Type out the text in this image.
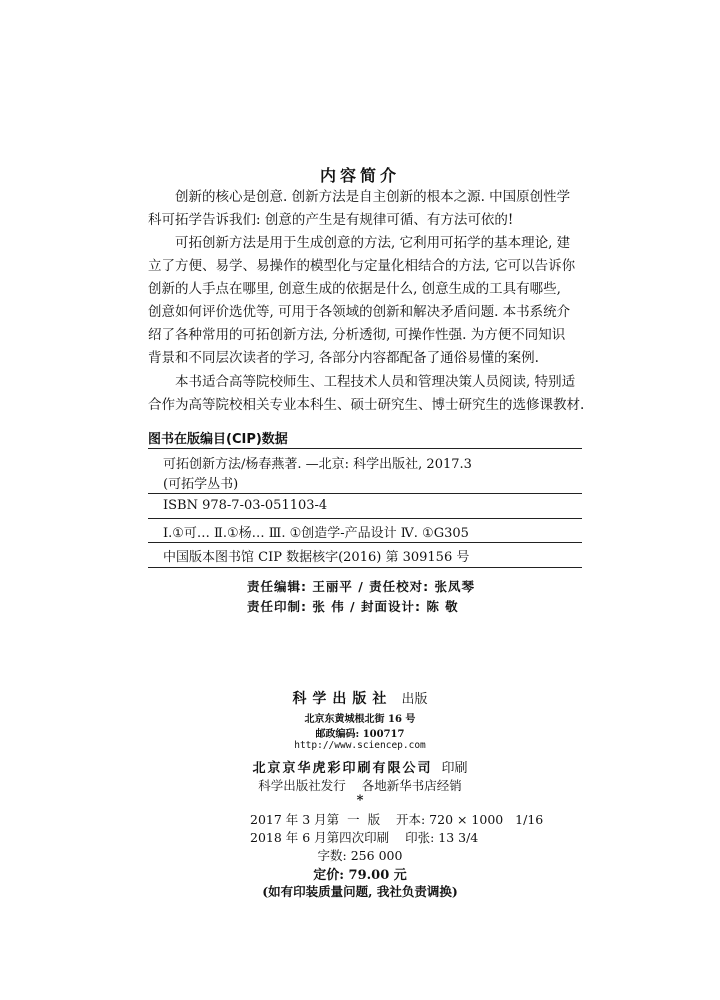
内容简介
创新的核心是创意. 创新方法是自主创新的根本之源. 中国原创性学
科可拓学告诉我们: 创意的产生是有规律可循、有方法可依的!
可拓创新方法是用于生成创意的方法, 它利用可拓学的基本理论, 建
立了方便、易学、易操作的模型化与定量化相结合的方法, 它可以告诉你
创新的人手点在哪里, 创意生成的依据是什么, 创意生成的工具有哪些,
创意如何评价选优等, 可用于各领域的创新和解决矛盾问题. 本书系统介
绍了各种常用的可拓创新方法, 分析透彻, 可操作性强. 为方便不同知识
背景和不同层次读者的学习, 各部分内容都配备了通俗易懂的案例.
本书适合高等院校师生、工程技术人员和管理决策人员阅读, 特别适
合作为高等院校相关专业本科生、硕士研究生、博士研究生的选修课教材.
图书在版编目(CIP)数据
可拓创新方法/杨春燕著. —北京: 科学出版社, 2017.3
(可拓学丛书)
ISBN 978-7-03-051103-4
Ⅰ.①可… Ⅱ.①杨… Ⅲ. ①创造学-产品设计 Ⅳ. ①G305
中国版本图书馆 CIP 数据核字(2016) 第 309156 号
责任编辑: 王丽平 / 责任校对: 张凤琴
责任印制: 张 伟 / 封面设计: 陈 敬
科学出版社 出版
北京东黄城根北街 16 号
邮政编码: 100717
http://www.sciencep.com
北京京华虎彩印刷有限公司 印刷
科学出版社发行    各地新华书店经销
*
2017 年 3 月第  一  版    开本: 720 × 1000   1/16
2018 年 6 月第四次印刷    印张: 13 3/4
字数: 256 000
定价: 79.00 元
(如有印装质量问题, 我社负责调换)
